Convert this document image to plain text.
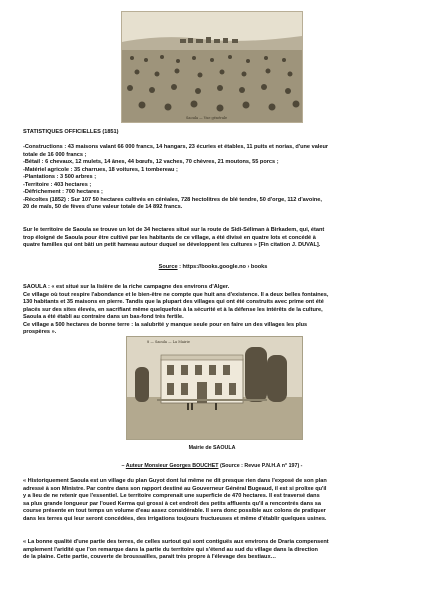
Saoula — Vue générale

STATISTIQUES OFFICIELLES (1851)

-Constructions : 43 maisons valant 66 000 francs, 14 hangars, 23 écuries et étables, 11 puits et norias, d'une valeur
totale de 16 000 francs ;
-Bétail : 6 chevaux, 12 mulets, 14 ânes, 44 bœufs, 12 vaches, 70 chèvres, 21 moutons, 55 porcs ;
-Matériel agricole : 35 charrues, 18 voitures, 1 tombereau ;
-Plantations : 3 500 arbres ;
-Territoire : 403 hectares ;
-Défrichement : 700 hectares ;
-Récoltes (1852) : Sur 107 50 hectares cultivés en céréales, 728 hectolitres de blé tendre, 50 d'orge, 112 d'avoine,
20 de maïs, 50 de fèves d'une valeur totale de 14 892 francs.
Sur le territoire de Saoula se trouve un lot de 34 hectares situé sur la route de Sidi-Séliman à Birkadem, qui, étant
trop éloigné de Saoula pour être cultivé par les habitants de ce village, a été divisé en quatre lots et concédé à
quatre familles qui ont bâti un petit hameau autour duquel se développent les cultures » [Fin citation J. DUVAL].
Source : https://books.google.no › books
SAOULA : « est situé sur la lisière de la riche campagne des environs d'Alger.
Ce village où tout respire l'abondance et le bien-être ne compte que huit ans d'existence. Il a deux belles fontaines,
130 habitants et 35 maisons en pierre. Tandis que la plupart des villages qui ont été construits avec prime ont été
placés sur des sites élevés, en sacrifiant même quelquefois à la sécurité et à la défense les intérêts de la culture,
Saoula a été établi au contraire dans un bas-fond très fertile.
Ce village a 500 hectares de bonne terre : la salubrité y manque seule pour en faire un des villages les plus
prospères ».
8 — Saoula — La Mairie
Mairie de SAOULA
– Auteur Monsieur Georges BOUCHET (Source : Revue P.N.H.A n° 197) -
« Historiquement Saoula est un village du plan Guyot dont lui même ne dit presque rien dans l'exposé de son plan
adressé à son Ministre. Par contre dans son rapport destiné au Gouverneur Général Bugeaud, il est si prolixe qu'il
y a lieu de ne retenir que l'essentiel. Le territoire comprenait une superficie de 470 hectares. Il est traversé dans
sa plus grande longueur par l'oued Kerma qui grossi à cet endroit des petits affluents qu'il a rencontrés dans sa
course présente en tout temps un volume d'eau assez considérable. Il sera donc possible aux colons de pratiquer
dans les terres qui leur seront concédées, des irrigations toujours fructueuses et même d'établir quelques usines.
« La bonne qualité d'une partie des terres, de celles surtout qui sont contiguës aux environs de Draria compensent
amplement l'aridité que l'on remarque dans la partie du territoire qui s'étend au sud du village dans la direction
de la plaine. Cette partie, couverte de broussailles, parait très propre à l'élevage des bestiaux…
